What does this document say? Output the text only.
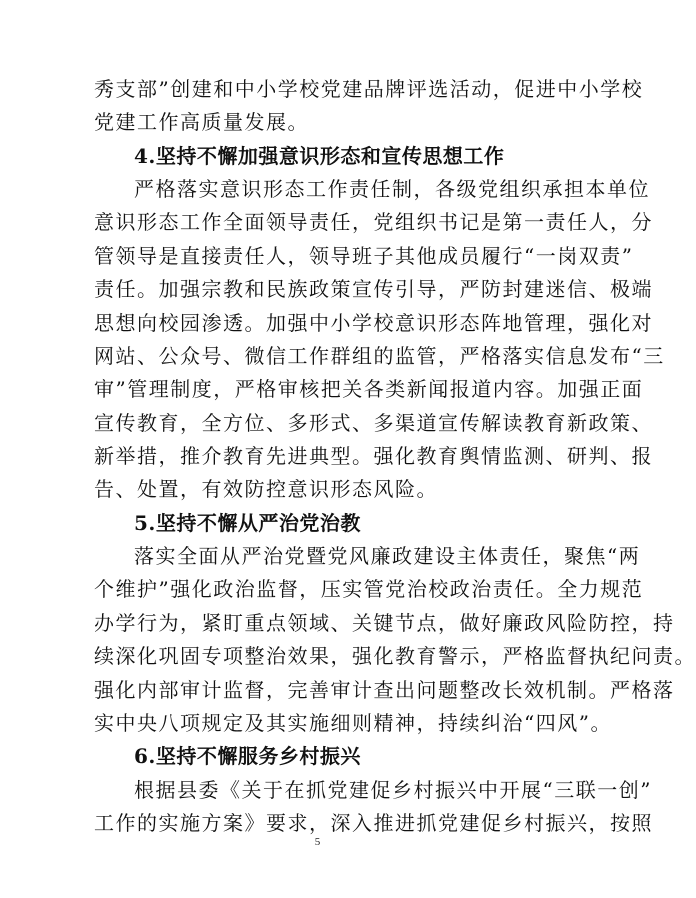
秀支部”创建和中小学校党建品牌评选活动，促进中小学校
党建工作高质量发展。
4.坚持不懈加强意识形态和宣传思想工作
严格落实意识形态工作责任制，各级党组织承担本单位
意识形态工作全面领导责任，党组织书记是第一责任人，分
管领导是直接责任人，领导班子其他成员履行“一岗双责”
责任。加强宗教和民族政策宣传引导，严防封建迷信、极端
思想向校园渗透。加强中小学校意识形态阵地管理，强化对
网站、公众号、微信工作群组的监管，严格落实信息发布“三
审”管理制度，严格审核把关各类新闻报道内容。加强正面
宣传教育，全方位、多形式、多渠道宣传解读教育新政策、
新举措，推介教育先进典型。强化教育舆情监测、研判、报
告、处置，有效防控意识形态风险。
5.坚持不懈从严治党治教
落实全面从严治党暨党风廉政建设主体责任，聚焦“两
个维护”强化政治监督，压实管党治校政治责任。全力规范
办学行为，紧盯重点领域、关键节点，做好廉政风险防控，持
续深化巩固专项整治效果，强化教育警示，严格监督执纪问责。
强化内部审计监督，完善审计查出问题整改长效机制。严格落
实中央八项规定及其实施细则精神，持续纠治“四风”。
6.坚持不懈服务乡村振兴
根据县委《关于在抓党建促乡村振兴中开展“三联一创”
工作的实施方案》要求，深入推进抓党建促乡村振兴，按照
5
